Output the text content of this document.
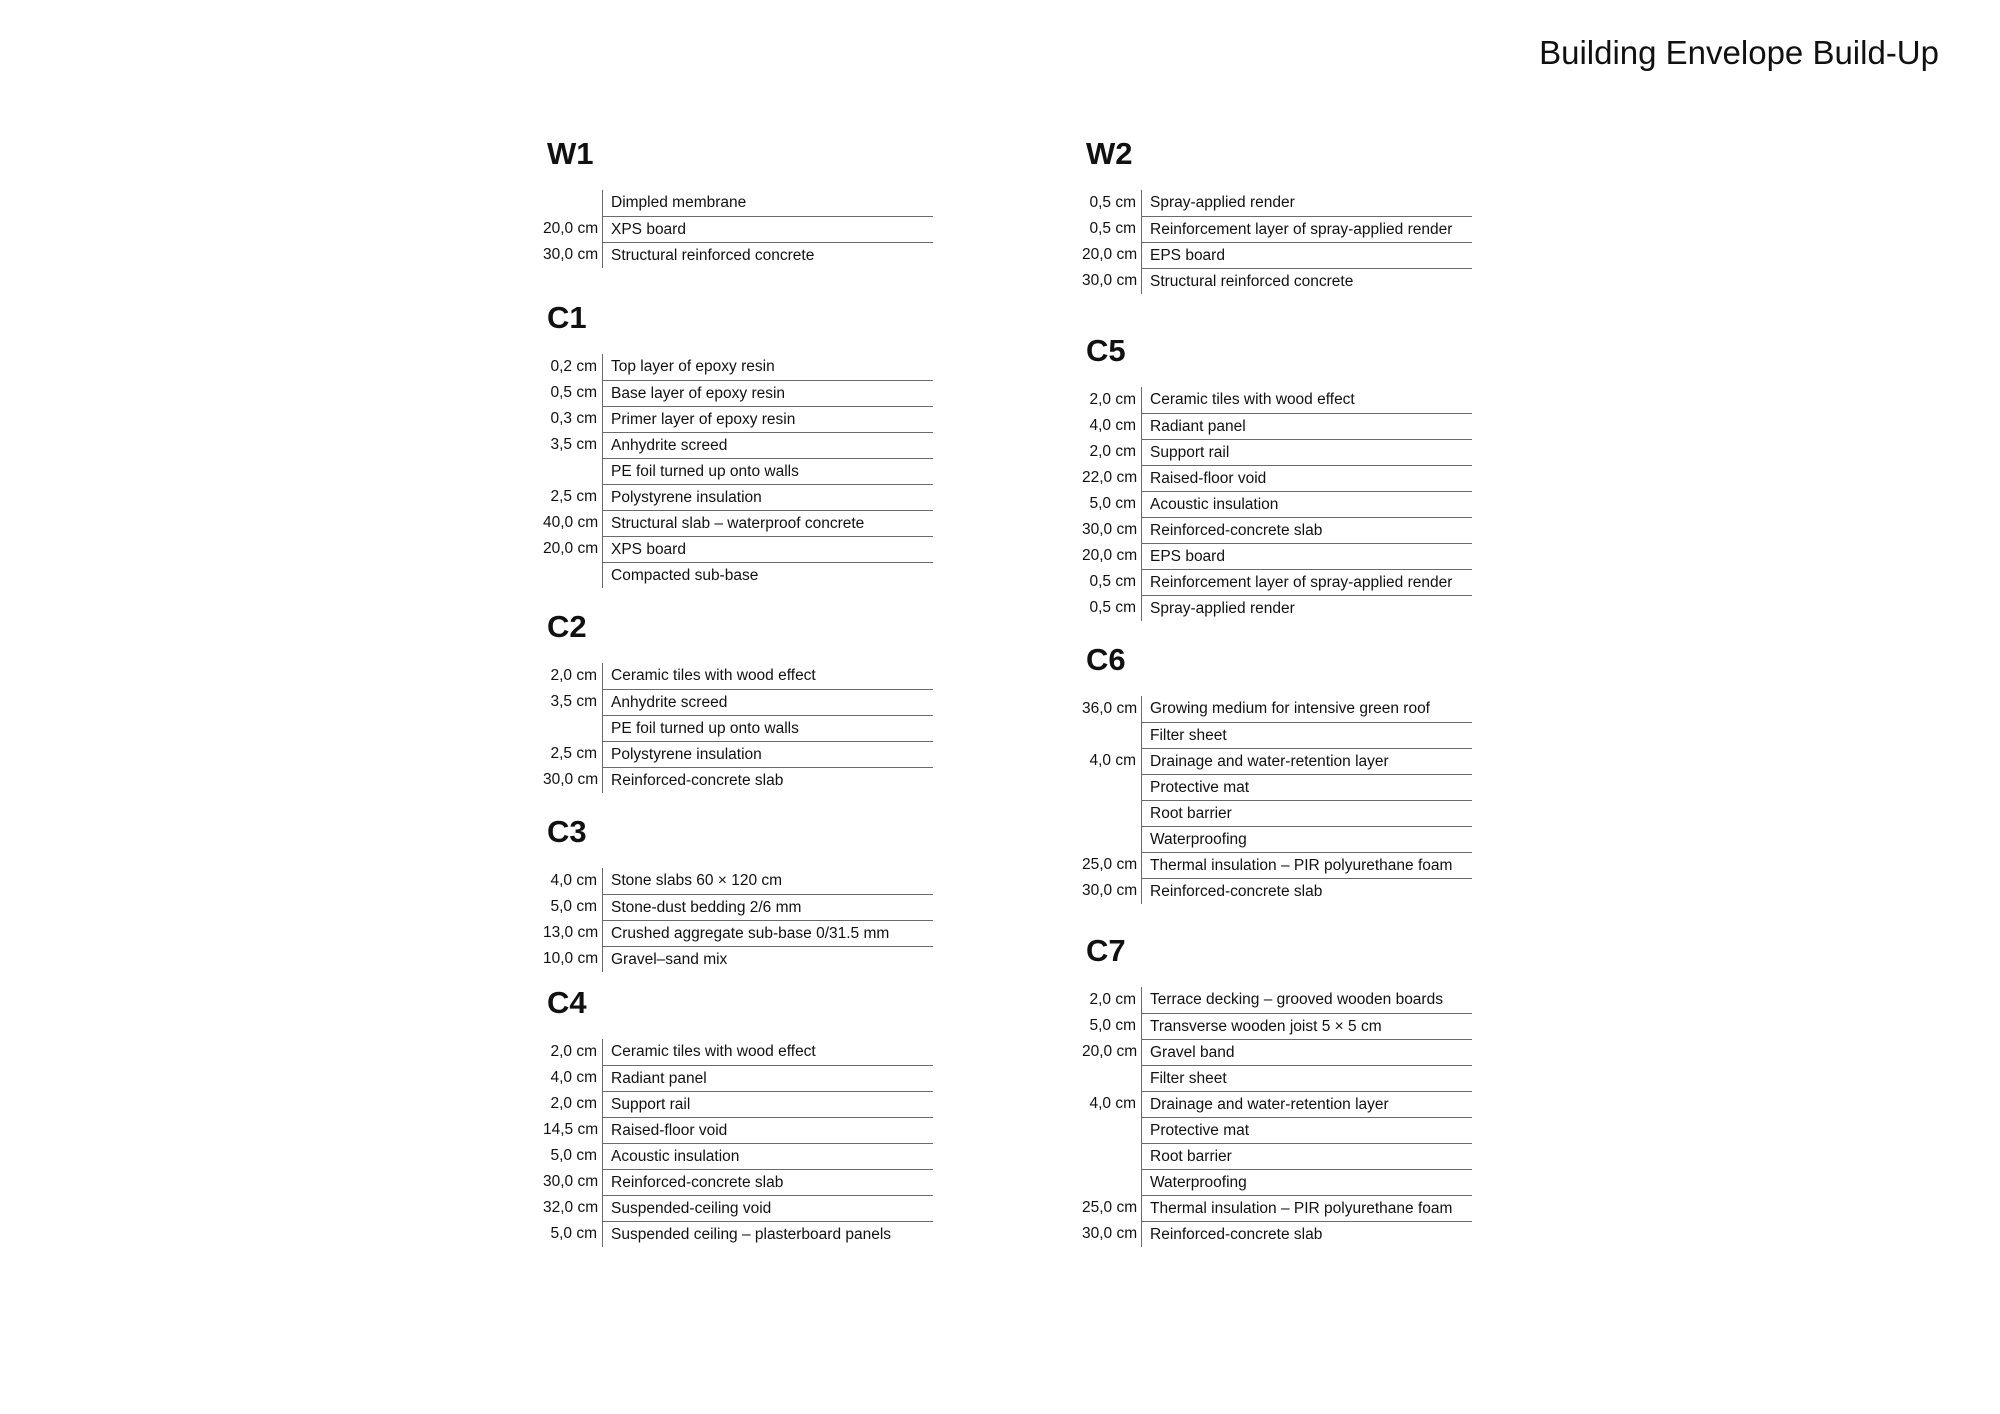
Building Envelope Build-Up
W1
Dimpled membrane
20,0 cm XPS board
30,0 cm Structural reinforced concrete
C1
0,2 cm Top layer of epoxy resin
0,5 cm Base layer of epoxy resin
0,3 cm Primer layer of epoxy resin
3,5 cm Anhydrite screed
PE foil turned up onto walls
2,5 cm Polystyrene insulation
40,0 cm Structural slab – waterproof concrete
20,0 cm XPS board
Compacted sub-base
C2
2,0 cm Ceramic tiles with wood effect
3,5 cm Anhydrite screed
PE foil turned up onto walls
2,5 cm Polystyrene insulation
30,0 cm Reinforced-concrete slab
C3
4,0 cm Stone slabs 60 × 120 cm
5,0 cm Stone-dust bedding 2/6 mm
13,0 cm Crushed aggregate sub-base 0/31.5 mm
10,0 cm Gravel–sand mix
C4
2,0 cm Ceramic tiles with wood effect
4,0 cm Radiant panel
2,0 cm Support rail
14,5 cm Raised-floor void
5,0 cm Acoustic insulation
30,0 cm Reinforced-concrete slab
32,0 cm Suspended-ceiling void
5,0 cm Suspended ceiling – plasterboard panels
W2
0,5 cm Spray-applied render
0,5 cm Reinforcement layer of spray-applied render
20,0 cm EPS board
30,0 cm Structural reinforced concrete
C5
2,0 cm Ceramic tiles with wood effect
4,0 cm Radiant panel
2,0 cm Support rail
22,0 cm Raised-floor void
5,0 cm Acoustic insulation
30,0 cm Reinforced-concrete slab
20,0 cm EPS board
0,5 cm Reinforcement layer of spray-applied render
0,5 cm Spray-applied render
C6
36,0 cm Growing medium for intensive green roof
Filter sheet
4,0 cm Drainage and water-retention layer
Protective mat
Root barrier
Waterproofing
25,0 cm Thermal insulation – PIR polyurethane foam
30,0 cm Reinforced-concrete slab
C7
2,0 cm Terrace decking – grooved wooden boards
5,0 cm Transverse wooden joist 5 × 5 cm
20,0 cm Gravel band
Filter sheet
4,0 cm Drainage and water-retention layer
Protective mat
Root barrier
Waterproofing
25,0 cm Thermal insulation – PIR polyurethane foam
30,0 cm Reinforced-concrete slab
